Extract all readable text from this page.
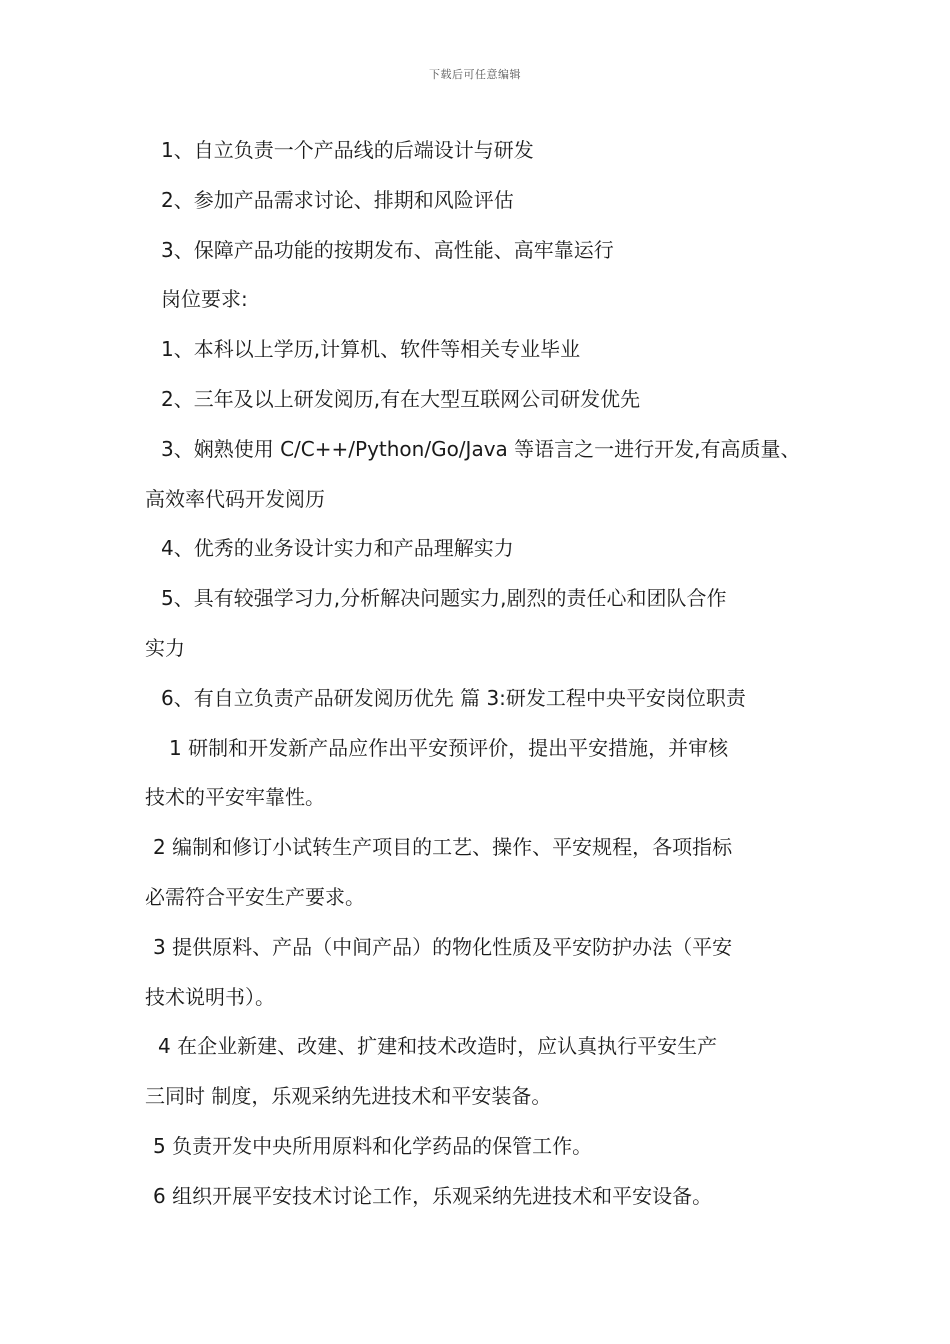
下载后可任意编辑
1、自立负责一个产品线的后端设计与研发
2、参加产品需求讨论、排期和风险评估
3、保障产品功能的按期发布、高性能、高牢靠运行
岗位要求:
1、本科以上学历,计算机、软件等相关专业毕业
2、三年及以上研发阅历,有在大型互联网公司研发优先
3、娴熟使用 C/C++/Python/Go/Java 等语言之一进行开发,有高质量、
高效率代码开发阅历
4、优秀的业务设计实力和产品理解实力
5、具有较强学习力,分析解决问题实力,剧烈的责任心和团队合作
实力
6、有自立负责产品研发阅历优先 篇 3:研发工程中央平安岗位职责
1 研制和开发新产品应作出平安预评价，提出平安措施，并审核
技术的平安牢靠性。
2 编制和修订小试转生产项目的工艺、操作、平安规程，各项指标
必需符合平安生产要求。
3 提供原料、产品（中间产品）的物化性质及平安防护办法（平安
技术说明书）。
4 在企业新建、改建、扩建和技术改造时，应认真执行平安生产
三同时 制度，乐观采纳先进技术和平安装备。
5 负责开发中央所用原料和化学药品的保管工作。
6 组织开展平安技术讨论工作，乐观采纳先进技术和平安设备。
